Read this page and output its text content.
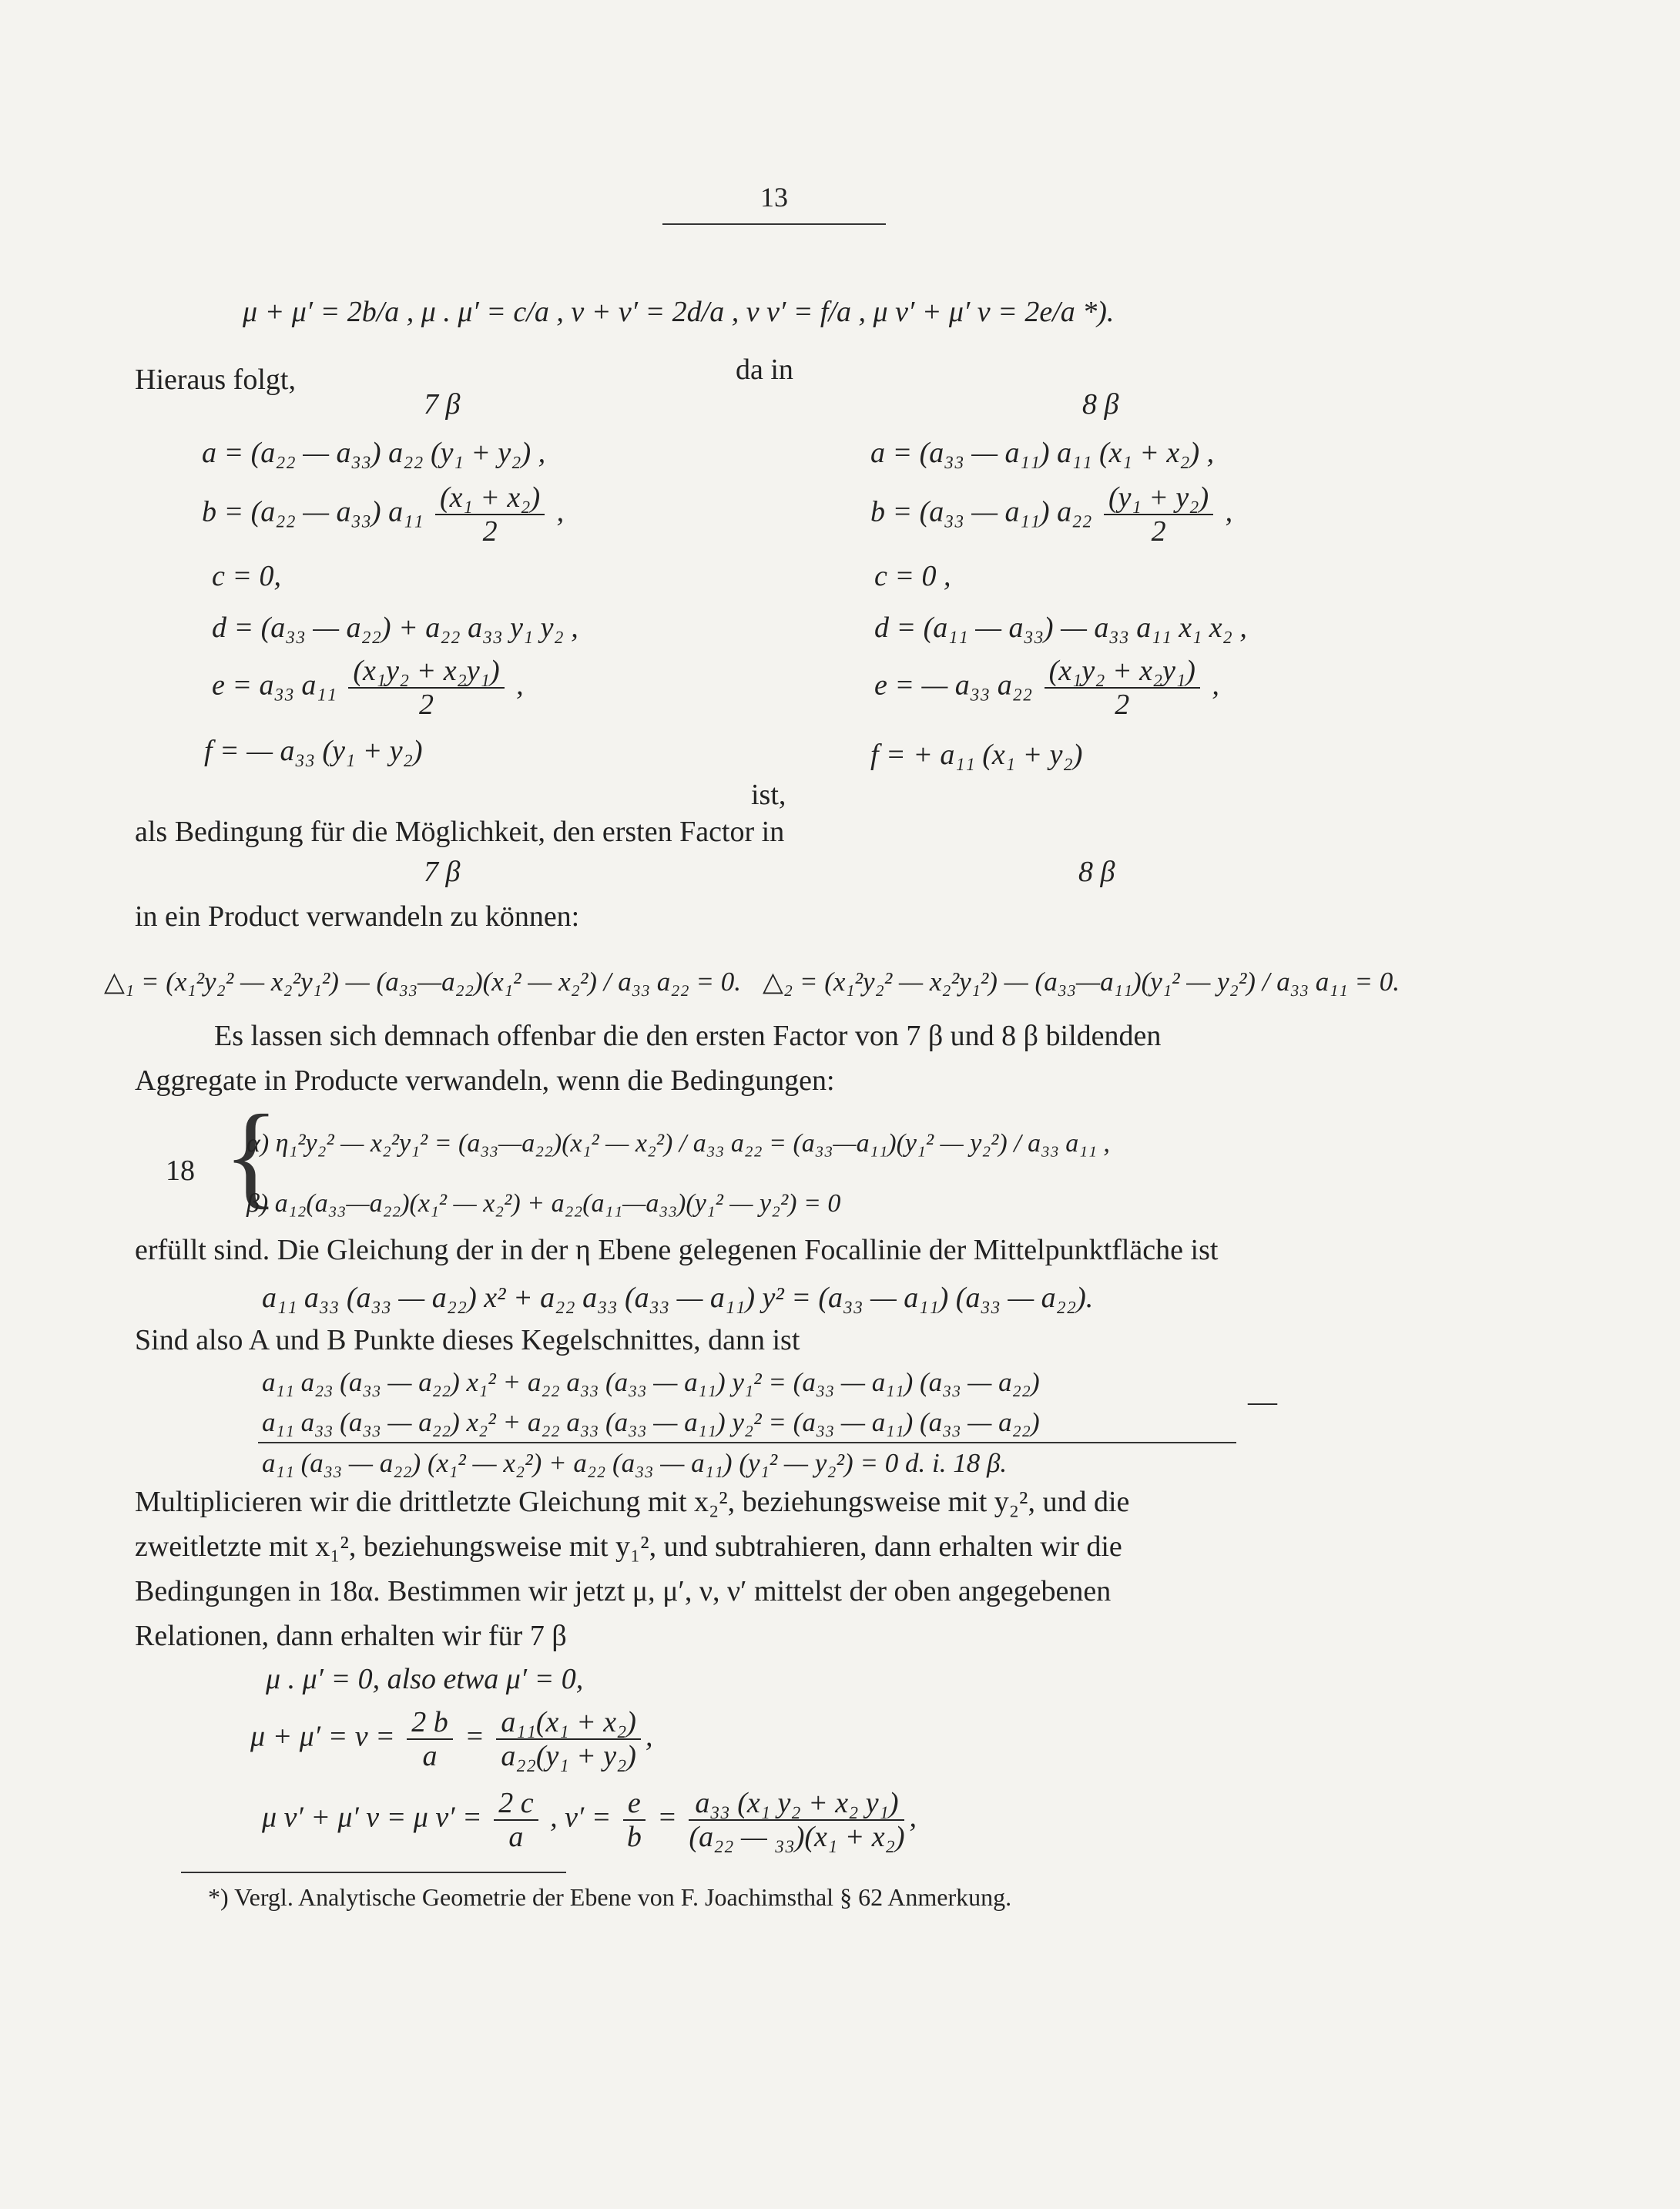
13
μ + μ′ = 2b/a , μ . μ′ = c/a , ν + ν′ = 2d/a , ν ν′ = f/a , μ ν′ + μ′ ν = 2e/a *).
Hieraus folgt,	da in
7 β	8 β
a = (a₂₂ — a₃₃) a₂₂ (y₁ + y₂) ,	a = (a₃₃ — a₁₁) a₁₁ (x₁ + x₂) ,
b = (a₂₂ — a₃₃) $a_{11} \frac{\text{(x₁ + x₂)}}{2}$ ,	b = (a₃₃ — a₁₁) $a_{22} \frac{\text{(y₁ + y₂)}}{2}$ ,
c = 0,	c = 0 ,
d = (a₃₃ — a₂₂) + a₂₂ a₃₃ y₁ y₂ ,	d = (a₁₁ — a₃₃) — a₃₃ a₁₁ x₁ x₂ ,
e = a₃₃ $a_{11} \frac{\text{(x₁y₂ + x₂y₁)}}{2}$ ,	e = — a₃₃ $a_{22} \frac{\text{(x₁y₂ + x₂y₁)}}{2}$ ,
f = — a₃₃ (y₁ + y₂)	f = + a₁₁ (x₁ + y₂)
ist,
als Bedingung für die Möglichkeit, den ersten Factor in
7 β	8 β
in ein Product verwandeln zu können:
△₁ = (x₁²y₂² — x₂²y₁²) — (a₃₃—a₂₂)(x₁² — x₂²) / a₃₃ a₂₂ = 0. △₂ = (x₁²y₂² — x₂²y₁²) — (a₃₃—a₁₁)(y₁² — y₂²) / a₃₃ a₁₁ = 0.
Es lassen sich demnach offenbar die den ersten Factor von 7 β und 8 β bildenden
Aggregate in Producte verwandeln, wenn die Bedingungen:
18 {
α) η₁²y₂² — x₂²y₁² = (a₃₃—a₂₂)(x₁² — x₂²) / a₃₃ a₂₂ = (a₃₃—a₁₁)(y₁² — y₂²) / a₃₃ a₁₁ ,
β) a₁₂(a₃₃—a₂₂)(x₁² — x₂²) + a₂₂(a₁₁—a₃₃)(y₁² — y₂²) = 0
erfüllt sind. Die Gleichung der in der η Ebene gelegenen Focallinie der Mittelpunktfläche ist
a₁₁ a₃₃ (a₃₃ — a₂₂) x² + a₂₂ a₃₃ (a₃₃ — a₁₁) y² = (a₃₃ — a₁₁) (a₃₃ — a₂₂).
Sind also A und B Punkte dieses Kegelschnittes, dann ist
a₁₁ a₂₃ (a₃₃ — a₂₂) x₁² + a₂₂ a₃₃ (a₃₃ — a₁₁) y₁² = (a₃₃ — a₁₁) (a₃₃ — a₂₂)
a₁₁ a₃₃ (a₃₃ — a₂₂) x₂² + a₂₂ a₃₃ (a₃₃ — a₁₁) y₂² = (a₃₃ — a₁₁) (a₃₃ — a₂₂)
—
a₁₁ (a₃₃ — a₂₂) (x₁² — x₂²) + a₂₂ (a₃₃ — a₁₁) (y₁² — y₂²) = 0 d. i. 18 β.
Multiplicieren wir die drittletzte Gleichung mit x₂², beziehungsweise mit y₂², und die
zweitletzte mit x₁², beziehungsweise mit y₁², und subtrahieren, dann erhalten wir die
Bedingungen in 18α. Bestimmen wir jetzt μ, μ′, ν, ν′ mittelst der oben angegebenen
Relationen, dann erhalten wir für 7 β
μ . μ′ = 0, also etwa μ′ = 0,
$\mu + \mu' = \nu = \frac{2 b}{a} = \frac{\text{a₁₁(x₁ + x₂)}}{\text{a₂₂(y₁ + y₂)}}$ ,
μ ν′ + μ′ ν = μ $\nu' = \frac{2 c}{a}$ , $\nu' = \frac{e}{b} = \frac{\text{a₃₃ (x₁ y₂ + x₂ y₁)}}{\text{(a₂₂ — ₃₃)(x₁ + x₂)}}$ ,
*) Vergl. Analytische Geometrie der Ebene von F. Joachimsthal § 62 Anmerkung.
